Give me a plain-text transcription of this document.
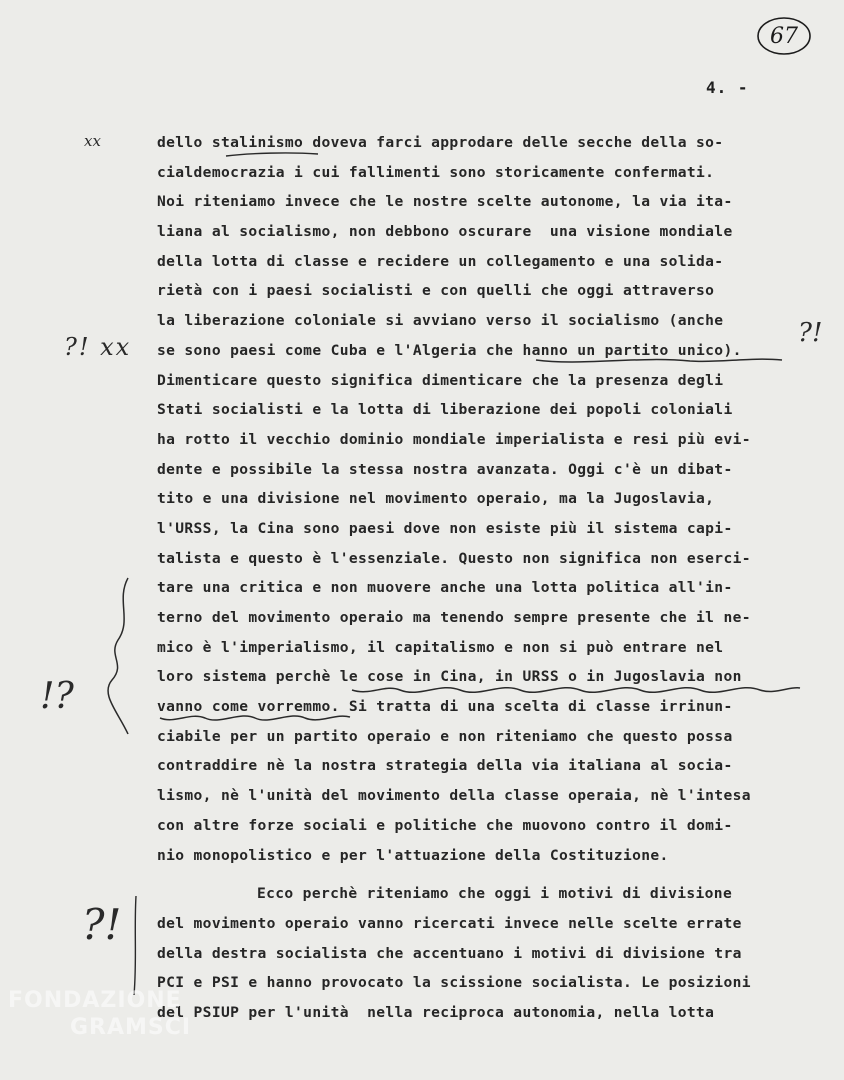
67
4. -
dello stalinismo doveva farci approdare delle secche della so-
cialdemocrazia i cui fallimenti sono storicamente confermati.
Noi riteniamo invece che le nostre scelte autonome, la via ita-
liana al socialismo, non debbono oscurare  una visione mondiale
della lotta di classe e recidere un collegamento e una solida-
rietà con i paesi socialisti e con quelli che oggi attraverso
la liberazione coloniale si avviano verso il socialismo (anche
se sono paesi come Cuba e l'Algeria che hanno un partito unico).
Dimenticare questo significa dimenticare che la presenza degli
Stati socialisti e la lotta di liberazione dei popoli coloniali
ha rotto il vecchio dominio mondiale imperialista e resi più evi-
dente e possibile la stessa nostra avanzata. Oggi c'è un dibat-
tito e una divisione nel movimento operaio, ma la Jugoslavia,
l'URSS, la Cina sono paesi dove non esiste più il sistema capi-
talista e questo è l'essenziale. Questo non significa non eserci-
tare una critica e non muovere anche una lotta politica all'in-
terno del movimento operaio ma tenendo sempre presente che il ne-
mico è l'imperialismo, il capitalismo e non si può entrare nel
loro sistema perchè le cose in Cina, in URSS o in Jugoslavia non
vanno come vorremmo. Si tratta di una scelta di classe irrinun-
ciabile per un partito operaio e non riteniamo che questo possa
contraddire nè la nostra strategia della via italiana al socia-
lismo, nè l'unità del movimento della classe operaia, nè l'intesa
con altre forze sociali e politiche che muovono contro il domi-
nio monopolistico e per l'attuazione della Costituzione.
Ecco perchè riteniamo che oggi i motivi di divisione
del movimento operaio vanno ricercati invece nelle scelte errate
della destra socialista che accentuano i motivi di divisione tra
PCI e PSI e hanno provocato la scissione socialista. Le posizioni
del PSIUP per l'unità  nella reciproca autonomia, nella lotta
xx
?! xx	?!
!?
?!
FONDAZIONE
GRAMSCI
